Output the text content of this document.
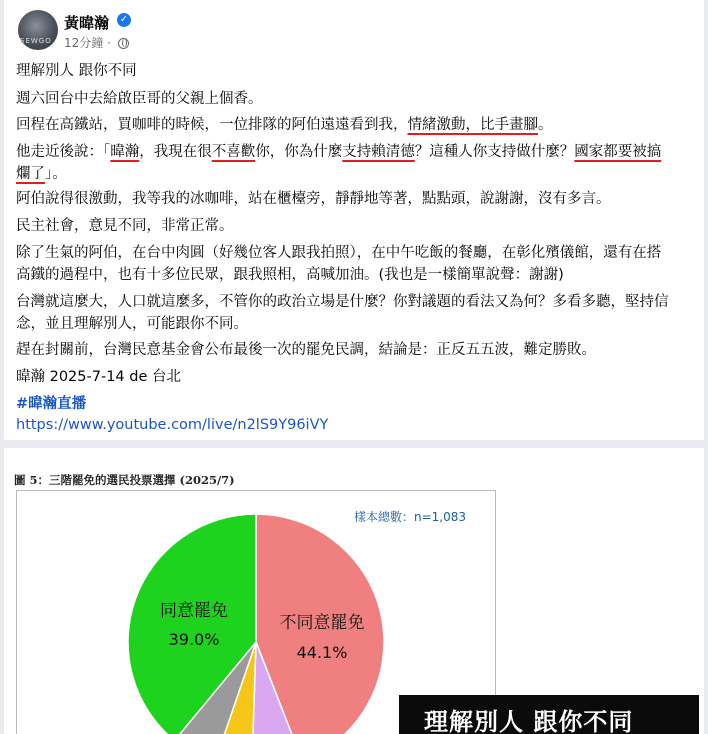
SEWGO
黃暐瀚 ✓
12分鐘 ·
理解別人 跟你不同
週六回台中去給啟臣哥的父親上個香。
回程在高鐵站，買咖啡的時候，一位排隊的阿伯遠遠看到我，情緒激動，比手畫腳。
他走近後說：「暐瀚，我現在很不喜歡你，你為什麼支持賴清德？這種人你支持做什麼？國家都要被搞
爛了」。
阿伯說得很激動，我等我的冰咖啡，站在櫃檯旁，靜靜地等著，點點頭，說謝謝，沒有多言。
民主社會，意見不同，非常正常。
除了生氣的阿伯，在台中肉圓（好幾位客人跟我拍照），在中午吃飯的餐廳，在彰化殯儀館，還有在搭
高鐵的過程中，也有十多位民眾，跟我照相，高喊加油。(我也是一樣簡單說聲：謝謝)
台灣就這麼大，人口就這麼多，不管你的政治立場是什麼？你對議題的看法又為何？多看多聽，堅持信
念，並且理解別人，可能跟你不同。
趕在封關前，台灣民意基金會公布最後一次的罷免民調，結論是：正反五五波，難定勝敗。
暐瀚 2025-7-14 de 台北
#暐瀚直播
https://www.youtube.com/live/n2lS9Y96iVY
圖 5：三階罷免的選民投票選擇 (2025/7)
同意罷免
39.0%
不同意罷免
44.1%
樣本總數：n=1,083
理解別人 跟你不同
